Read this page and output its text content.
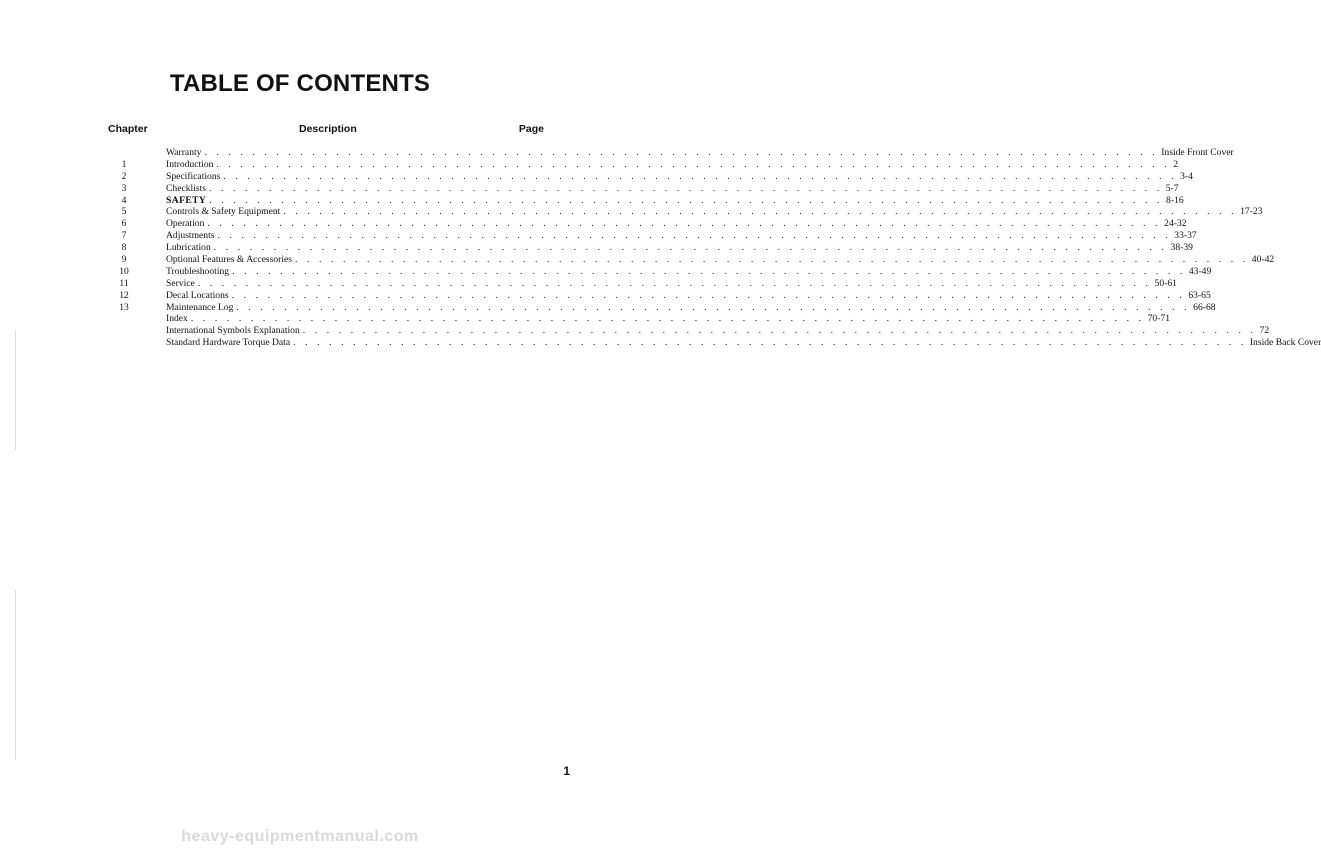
TABLE OF CONTENTS
Chapter	Description	Page
Warranty . . . . . . . . . . . . . . . . . . . . . . . . . . . . . . . . . . . . . . . . . . . . . . . . . . . . . . . . . . . . . . . . . . . . . . . . . . . . . . . . Inside Front Cover
1	Introduction . . . . . . . . . . . . . . . . . . . . . . . . . . . . . . . . . . . . . . . . . . . . . . . . . . . . . . . . . . . . . . . . . . . . . . . . . . . . . . . . 2
2	Specifications . . . . . . . . . . . . . . . . . . . . . . . . . . . . . . . . . . . . . . . . . . . . . . . . . . . . . . . . . . . . . . . . . . . . . . . . . . . . . . . . 3-4
3	Checklists . . . . . . . . . . . . . . . . . . . . . . . . . . . . . . . . . . . . . . . . . . . . . . . . . . . . . . . . . . . . . . . . . . . . . . . . . . . . . . . . 5-7
4	SAFETY . . . . . . . . . . . . . . . . . . . . . . . . . . . . . . . . . . . . . . . . . . . . . . . . . . . . . . . . . . . . . . . . . . . . . . . . . . . . . . . . 8-16
5	Controls & Safety Equipment . . . . . . . . . . . . . . . . . . . . . . . . . . . . . . . . . . . . . . . . . . . . . . . . . . . . . . . . . . . . . . . . . . . . . . . . . . . . . . . . 17-23
6	Operation . . . . . . . . . . . . . . . . . . . . . . . . . . . . . . . . . . . . . . . . . . . . . . . . . . . . . . . . . . . . . . . . . . . . . . . . . . . . . . . . 24-32
7	Adjustments . . . . . . . . . . . . . . . . . . . . . . . . . . . . . . . . . . . . . . . . . . . . . . . . . . . . . . . . . . . . . . . . . . . . . . . . . . . . . . . . 33-37
8	Lubrication . . . . . . . . . . . . . . . . . . . . . . . . . . . . . . . . . . . . . . . . . . . . . . . . . . . . . . . . . . . . . . . . . . . . . . . . . . . . . . . . 38-39
9	Optional Features & Accessories . . . . . . . . . . . . . . . . . . . . . . . . . . . . . . . . . . . . . . . . . . . . . . . . . . . . . . . . . . . . . . . . . . . . . . . . . . . . . . . . 40-42
10	Troubleshooting . . . . . . . . . . . . . . . . . . . . . . . . . . . . . . . . . . . . . . . . . . . . . . . . . . . . . . . . . . . . . . . . . . . . . . . . . . . . . . . . 43-49
11	Service . . . . . . . . . . . . . . . . . . . . . . . . . . . . . . . . . . . . . . . . . . . . . . . . . . . . . . . . . . . . . . . . . . . . . . . . . . . . . . . . 50-61
12	Decal Locations . . . . . . . . . . . . . . . . . . . . . . . . . . . . . . . . . . . . . . . . . . . . . . . . . . . . . . . . . . . . . . . . . . . . . . . . . . . . . . . . 63-65
13	Maintenance Log . . . . . . . . . . . . . . . . . . . . . . . . . . . . . . . . . . . . . . . . . . . . . . . . . . . . . . . . . . . . . . . . . . . . . . . . . . . . . . . . 66-68
Index . . . . . . . . . . . . . . . . . . . . . . . . . . . . . . . . . . . . . . . . . . . . . . . . . . . . . . . . . . . . . . . . . . . . . . . . . . . . . . . . 70-71
International Symbols Explanation . . . . . . . . . . . . . . . . . . . . . . . . . . . . . . . . . . . . . . . . . . . . . . . . . . . . . . . . . . . . . . . . . . . . . . . . . . . . . . . . 72
Standard Hardware Torque Data . . . . . . . . . . . . . . . . . . . . . . . . . . . . . . . . . . . . . . . . . . . . . . . . . . . . . . . . . . . . . . . . . . . . . . . . . . . . . . . . Inside Back Cover
1
heavy-equipmentmanual.com
